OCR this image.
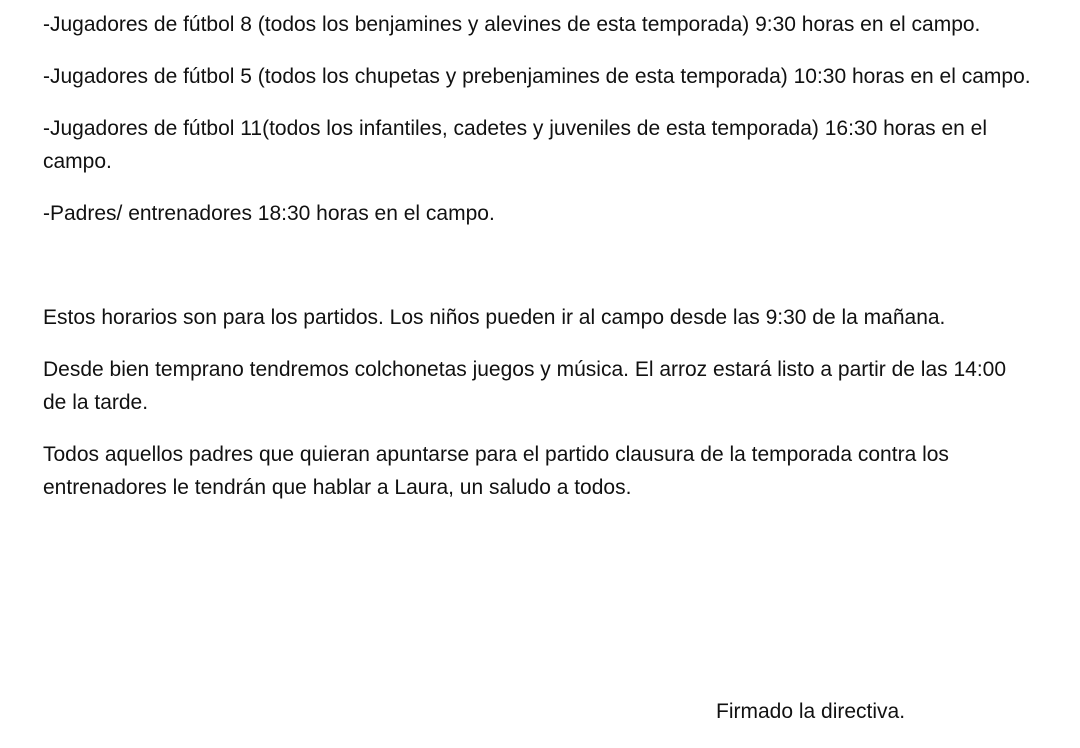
-Jugadores de fútbol 8 (todos los benjamines y alevines de esta temporada) 9:30 horas en el campo.

-Jugadores de fútbol 5 (todos los chupetas y prebenjamines de esta temporada) 10:30 horas en el campo.

-Jugadores de fútbol 11(todos los infantiles, cadetes y juveniles de esta temporada) 16:30 horas en el campo.

-Padres/ entrenadores 18:30 horas en el campo.

Estos horarios son para los partidos. Los niños pueden ir al campo desde las 9:30 de la mañana.

Desde bien temprano tendremos colchonetas juegos y música. El arroz estará listo a partir de las 14:00 de la tarde.

Todos aquellos padres que quieran apuntarse para el partido clausura de la temporada contra los entrenadores le tendrán que hablar a Laura, un saludo a todos.

Firmado la directiva.
